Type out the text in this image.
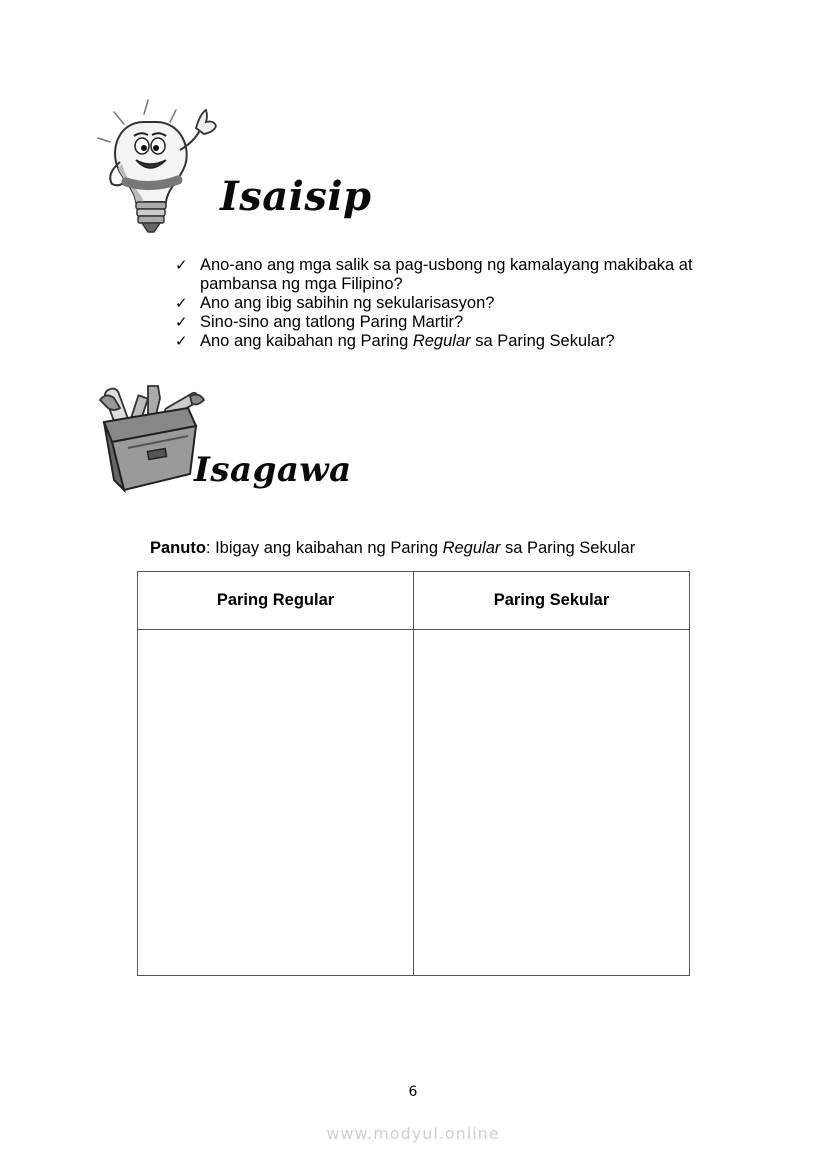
Isaisip
✓ Ano-ano ang mga salik sa pag-usbong ng kamalayang makibaka at pambansa ng mga Filipino?
✓ Ano ang ibig sabihin ng sekularisasyon?
✓ Sino-sino ang tatlong Paring Martir?
✓ Ano ang kaibahan ng Paring Regular sa Paring Sekular?
Isagawa
Panuto: Ibigay ang kaibahan ng Paring Regular sa Paring Sekular
Paring Regular	Paring Sekular

6
www.modyul.online
